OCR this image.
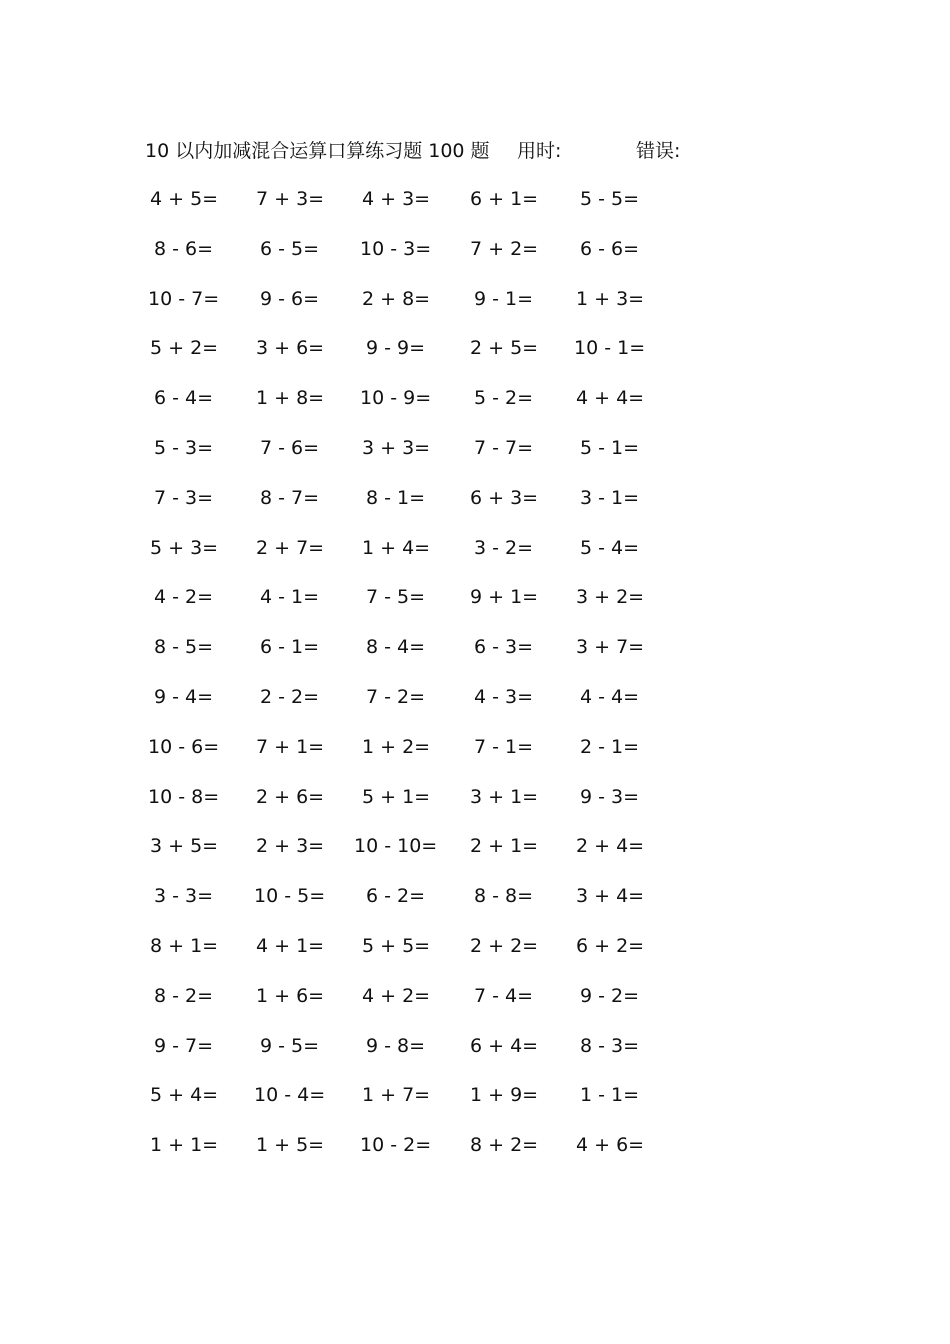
10 以内加减混合运算口算练习题 100 题 用时:	错误:
4 + 5= 7 + 3= 4 + 3= 6 + 1= 5 - 5=
8 - 6= 6 - 5= 10 - 3= 7 + 2= 6 - 6=
10 - 7= 9 - 6= 2 + 8= 9 - 1= 1 + 3=
5 + 2= 3 + 6= 9 - 9= 2 + 5= 10 - 1=
6 - 4= 1 + 8= 10 - 9= 5 - 2= 4 + 4=
5 - 3= 7 - 6= 3 + 3= 7 - 7= 5 - 1=
7 - 3= 8 - 7= 8 - 1= 6 + 3= 3 - 1=
5 + 3= 2 + 7= 1 + 4= 3 - 2= 5 - 4=
4 - 2= 4 - 1= 7 - 5= 9 + 1= 3 + 2=
8 - 5= 6 - 1= 8 - 4=	6 - 3= 3 + 7=
9 - 4= 2 - 2= 7 - 2=	4 - 3= 4 - 4=
10 - 6= 7 + 1= 1 + 2= 7 - 1= 2 - 1=
10 - 8= 2 + 6= 5 + 1= 3 + 1= 9 - 3=
3 + 5= 2 + 3= 10 - 10= 2 + 1= 2 + 4=
3 - 3= 10 - 5= 6 - 2=	8 - 8= 3 + 4=
8 + 1= 4 + 1= 5 + 5= 2 + 2= 6 + 2=
8 - 2= 1 + 6= 4 + 2= 7 - 4= 9 - 2=
9 - 7= 9 - 5= 9 - 8= 6 + 4= 8 - 3=
5 + 4= 10 - 4= 1 + 7= 1 + 9= 1 - 1=
1 + 1= 1 + 5= 10 - 2= 8 + 2= 4 + 6=
